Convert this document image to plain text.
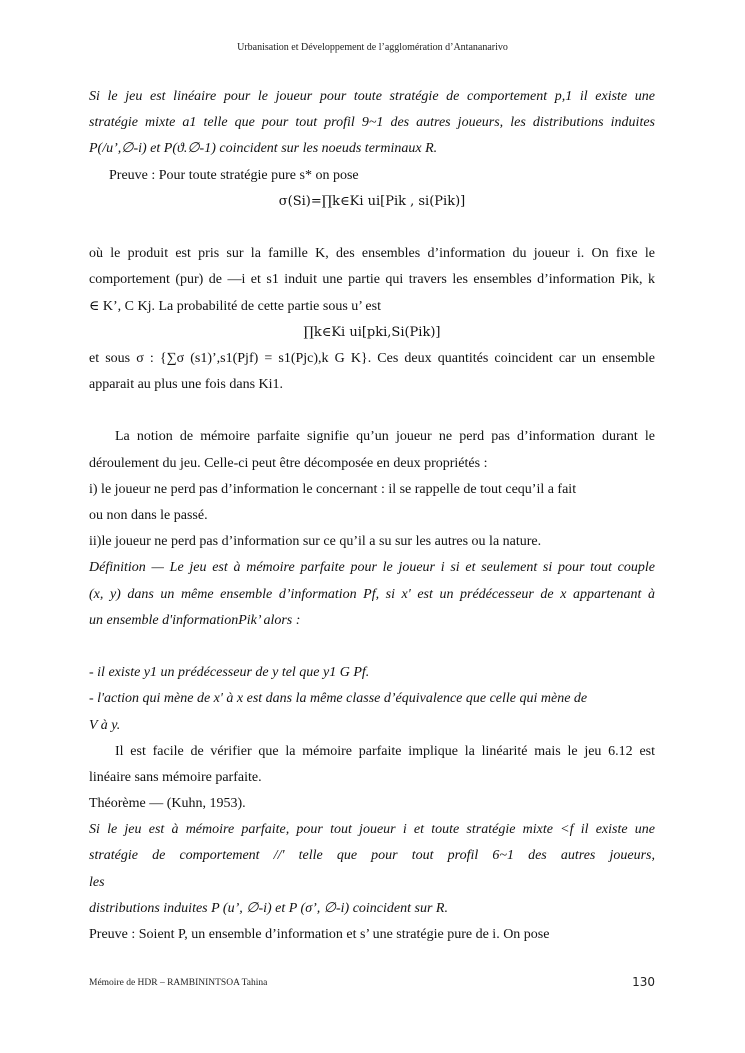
Urbanisation et Développement de l’agglomération d’Antananarivo
Si le jeu est linéaire pour le joueur pour toute stratégie de comportement p,1 il existe une
stratégie mixte a1 telle que pour tout profil 9~1 des autres joueurs, les distributions induites
P(/u’,∅-i) et P(ϑ.∅-1) coincident sur les noeuds terminaux R.
Preuve : Pour toute stratégie pure s* on pose
σ(Si)=∏k∈Ki ui[Pik , si(Pik)]
où le produit est pris sur la famille K, des ensembles d’information du joueur i. On fixe le
comportement (pur) de —i et s1 induit une partie qui travers les ensembles d’information Pik, k
∈ K’, C Kj. La probabilité de cette partie sous u’ est
∏k∈Ki ui[pki,Si(Pik)]
et sous σ : {∑σ (s1)’,s1(Pjf) = s1(Pjc),k G K}. Ces deux quantités coincident car un ensemble
apparait au plus une fois dans Ki1.
La notion de mémoire parfaite signifie qu’un joueur ne perd pas d’information durant le
déroulement du jeu. Celle-ci peut être décomposée en deux propriétés :
i) le joueur ne perd pas d’information le concernant : il se rappelle de tout cequ’il a fait
ou non dans le passé.
ii)le joueur ne perd pas d’information sur ce qu’il a su sur les autres ou la nature.
Définition — Le jeu est à mémoire parfaite pour le joueur i si et seulement si pour tout couple
(x, y) dans un même ensemble d’information Pf, si x' est un prédécesseur de x appartenant à
un ensemble d'informationPik’ alors :
- il existe y1 un prédécesseur de y tel que y1 G Pf.
- l'action qui mène de x' à x est dans la même classe d’équivalence que celle qui mène de
V à y.
Il est facile de vérifier que la mémoire parfaite implique la linéarité mais le jeu 6.12 est
linéaire sans mémoire parfaite.
Théorème — (Kuhn, 1953).
Si le jeu est à mémoire parfaite, pour tout joueur i et toute stratégie mixte <f il existe une
stratégie de comportement //' telle que pour tout profil 6~1 des autres joueurs,
les
distributions induites P (u’, ∅-i) et P (σ’, ∅-i) coincident sur R.
Preuve : Soient P, un ensemble d’information et s’ une stratégie pure de i. On pose
Mémoire de HDR – RAMBININTSOA Tahina	130
